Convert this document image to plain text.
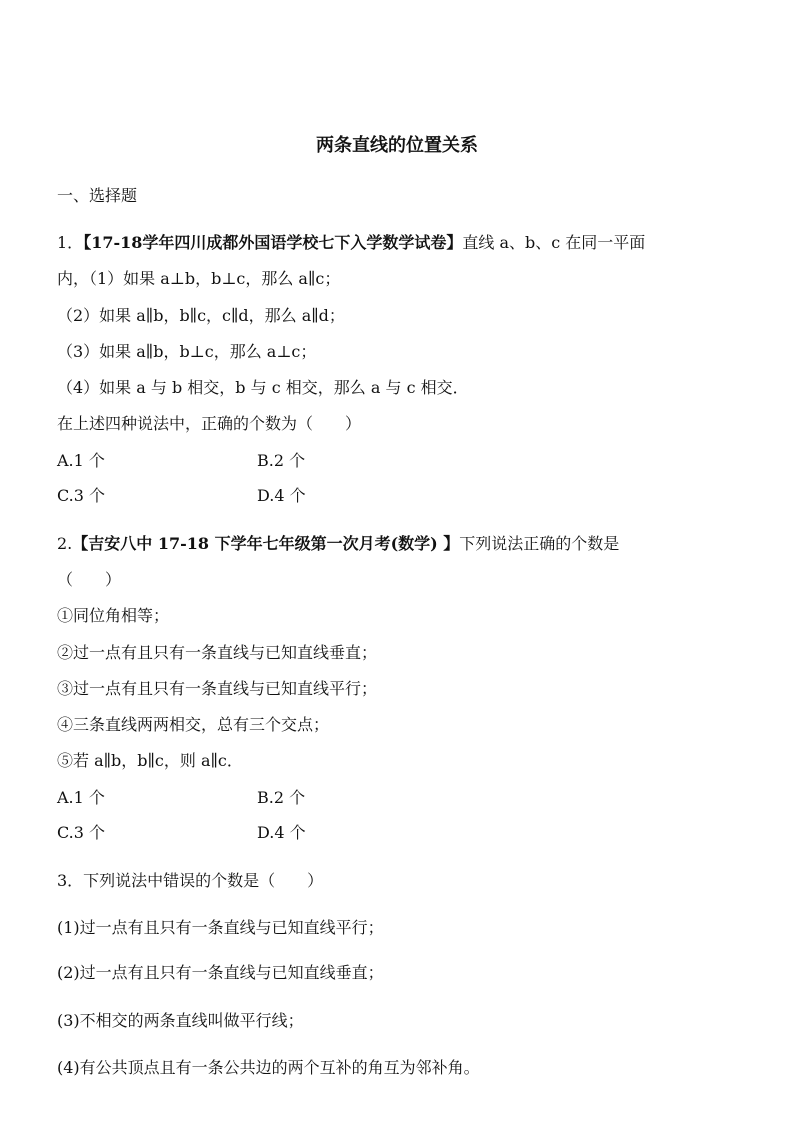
两条直线的位置关系
一、选择题
1．【17-18学年四川成都外国语学校七下入学数学试卷】直线 a、b、c 在同一平面
内，（1）如果 a⊥b，b⊥c，那么 a∥c；
（2）如果 a∥b，b∥c，c∥d，那么 a∥d；
（3）如果 a∥b，b⊥c，那么 a⊥c；
（4）如果 a 与 b 相交，b 与 c 相交，那么 a 与 c 相交．
在上述四种说法中，正确的个数为（　　）
A.1 个	B.2 个
C.3 个	D.4 个
2.【吉安八中 17-18 下学年七年级第一次月考(数学) 】下列说法正确的个数是
（　　）
①同位角相等；
②过一点有且只有一条直线与已知直线垂直；
③过一点有且只有一条直线与已知直线平行；
④三条直线两两相交，总有三个交点；
⑤若 a∥b，b∥c，则 a∥c．
A.1 个	B.2 个
C.3 个	D.4 个
3．下列说法中错误的个数是（　　）
(1)过一点有且只有一条直线与已知直线平行；
(2)过一点有且只有一条直线与已知直线垂直；
(3)不相交的两条直线叫做平行线；
(4)有公共顶点且有一条公共边的两个互补的角互为邻补角。
